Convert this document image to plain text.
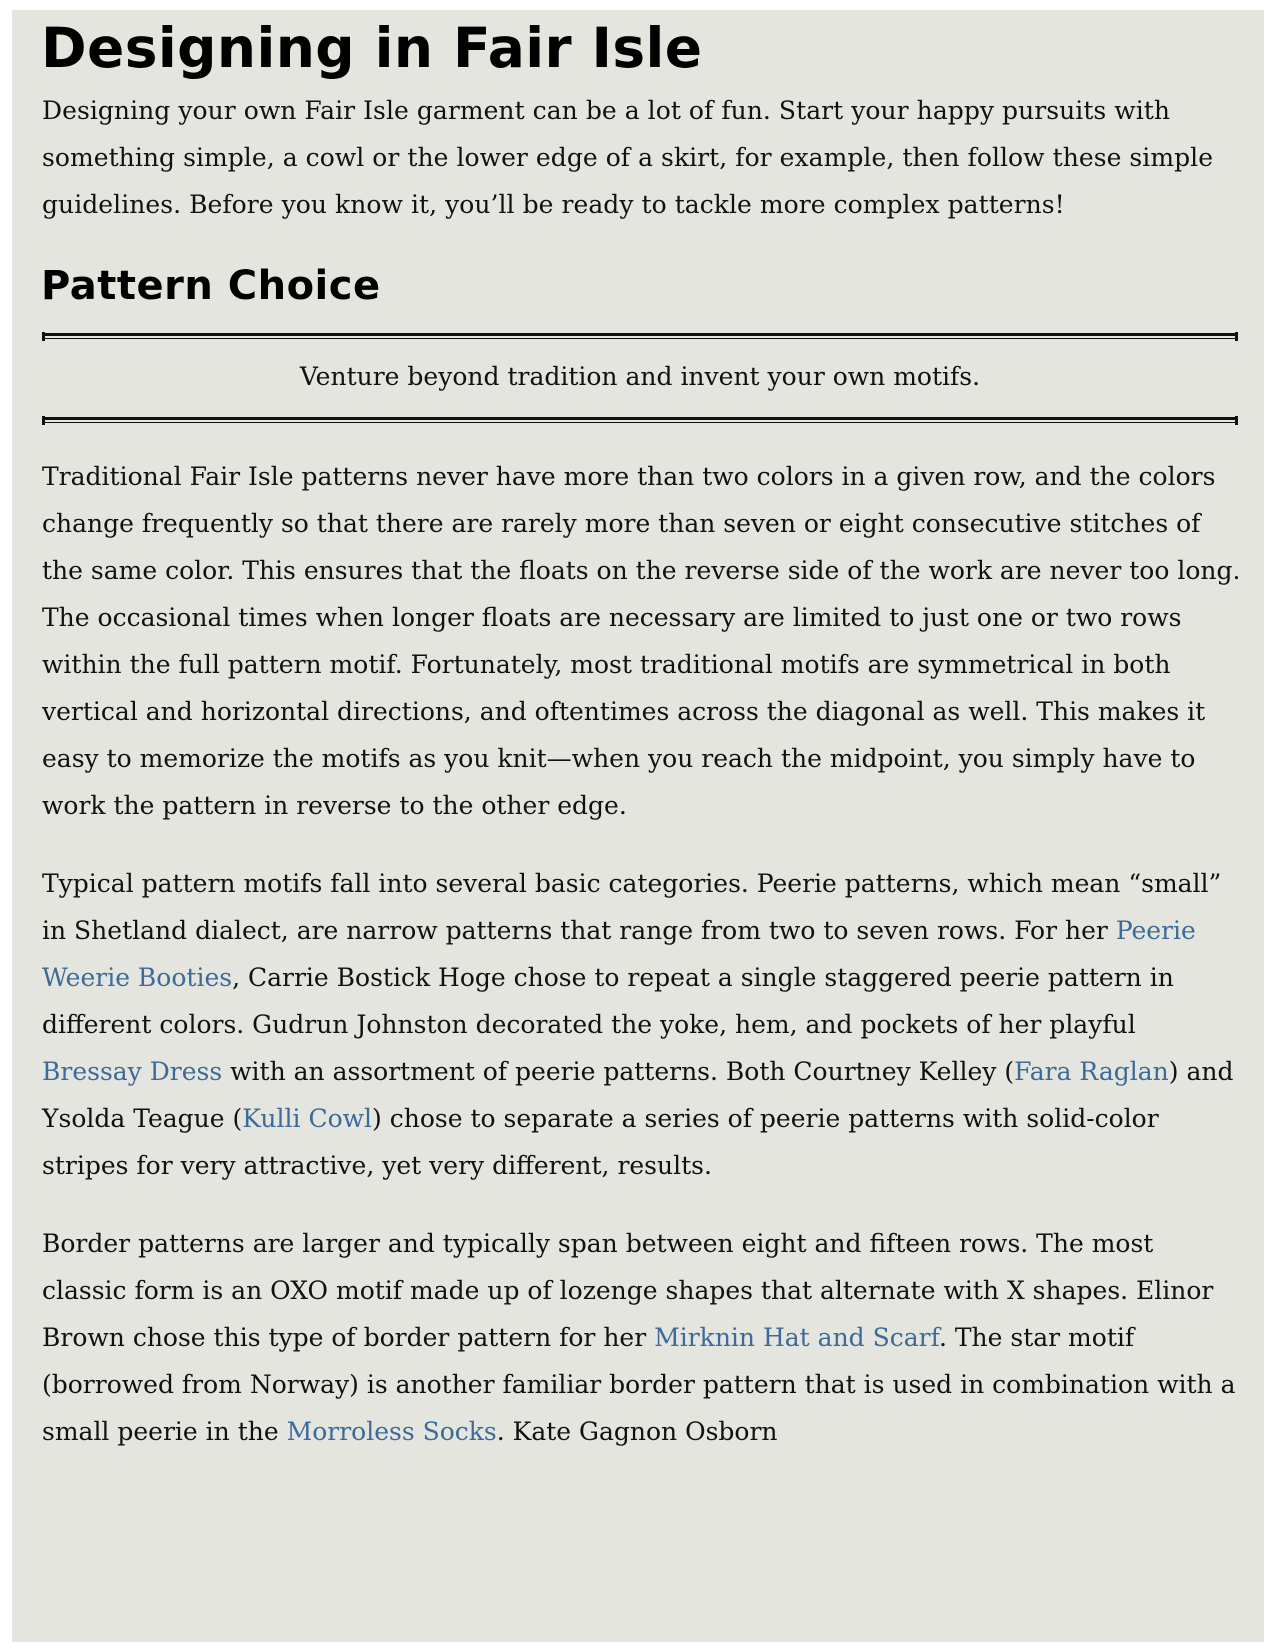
Designing in Fair Isle

Designing your own Fair Isle garment can be a lot of fun. Start your happy pursuits with something simple, a cowl or the lower edge of a skirt, for example, then follow these simple guidelines. Before you know it, you’ll be ready to tackle more complex patterns!

Pattern Choice
Venture beyond tradition and invent your own motifs.

Traditional Fair Isle patterns never have more than two colors in a given row, and the colors change frequently so that there are rarely more than seven or eight consecutive stitches of the same color. This ensures that the floats on the reverse side of the work are never too long. The occasional times when longer floats are necessary are limited to just one or two rows within the full pattern motif. Fortunately, most traditional motifs are symmetrical in both vertical and horizontal directions, and oftentimes across the diagonal as well. This makes it easy to memorize the motifs as you knit—when you reach the midpoint, you simply have to work the pattern in reverse to the other edge.

Typical pattern motifs fall into several basic categories. Peerie patterns, which mean “small” in Shetland dialect, are narrow patterns that range from two to seven rows. For her Peerie Weerie Booties, Carrie Bostick Hoge chose to repeat a single staggered peerie pattern in different colors. Gudrun Johnston decorated the yoke, hem, and pockets of her playful Bressay Dress with an assortment of peerie patterns. Both Courtney Kelley (Fara Raglan) and Ysolda Teague (Kulli Cowl) chose to separate a series of peerie patterns with solid-color stripes for very attractive, yet very different, results.

Border patterns are larger and typically span between eight and fifteen rows. The most classic form is an OXO motif made up of lozenge shapes that alternate with X shapes. Elinor Brown chose this type of border pattern for her Mirknin Hat and Scarf. The star motif (borrowed from Norway) is another familiar border pattern that is used in combination with a small peerie in the Morroless Socks. Kate Gagnon Osborn
